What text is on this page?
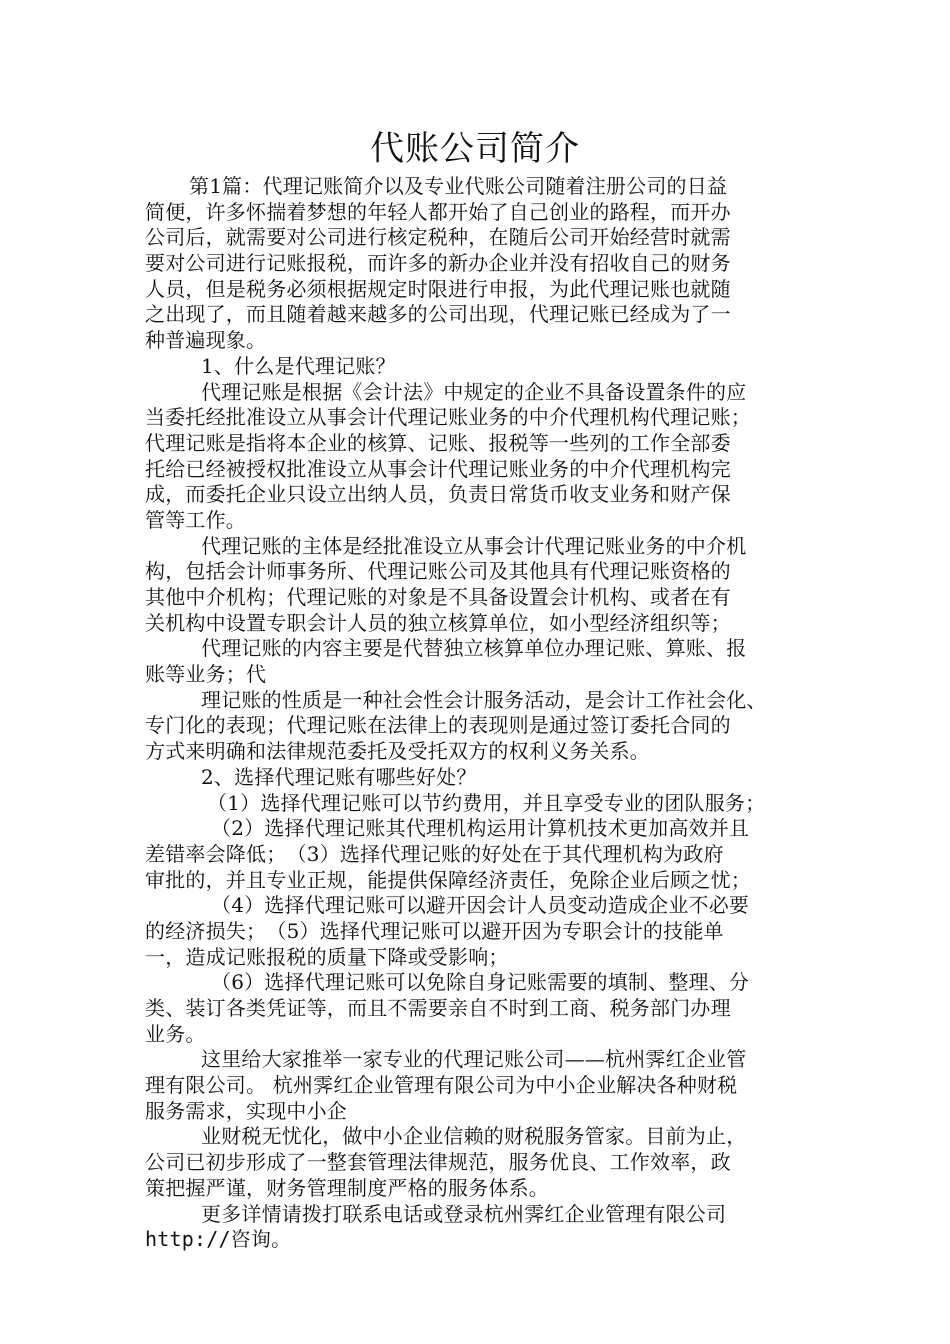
代账公司简介
第1篇：代理记账简介以及专业代账公司随着注册公司的日益
简便，许多怀揣着梦想的年轻人都开始了自己创业的路程，而开办
公司后，就需要对公司进行核定税种，在随后公司开始经营时就需
要对公司进行记账报税，而许多的新办企业并没有招收自己的财务
人员，但是税务必须根据规定时限进行申报，为此代理记账也就随
之出现了，而且随着越来越多的公司出现，代理记账已经成为了一
种普遍现象。
1、什么是代理记账？
代理记账是根据《会计法》中规定的企业不具备设置条件的应
当委托经批准设立从事会计代理记账业务的中介代理机构代理记账；
代理记账是指将本企业的核算、记账、报税等一些列的工作全部委
托给已经被授权批准设立从事会计代理记账业务的中介代理机构完
成，而委托企业只设立出纳人员，负责日常货币收支业务和财产保
管等工作。
代理记账的主体是经批准设立从事会计代理记账业务的中介机
构，包括会计师事务所、代理记账公司及其他具有代理记账资格的
其他中介机构；代理记账的对象是不具备设置会计机构、或者在有
关机构中设置专职会计人员的独立核算单位，如小型经济组织等；
代理记账的内容主要是代替独立核算单位办理记账、算账、报
账等业务；代
理记账的性质是一种社会性会计服务活动，是会计工作社会化、
专门化的表现；代理记账在法律上的表现则是通过签订委托合同的
方式来明确和法律规范委托及受托双方的权利义务关系。
2、选择代理记账有哪些好处？
（1）选择代理记账可以节约费用，并且享受专业的团队服务；
（2）选择代理记账其代理机构运用计算机技术更加高效并且
差错率会降低；　（3）选择代理记账的好处在于其代理机构为政府
审批的，并且专业正规，能提供保障经济责任，免除企业后顾之忧；
（4）选择代理记账可以避开因会计人员变动造成企业不必要
的经济损失；　（5）选择代理记账可以避开因为专职会计的技能单
一，造成记账报税的质量下降或受影响；
（6）选择代理记账可以免除自身记账需要的填制、整理、分
类、装订各类凭证等，而且不需要亲自不时到工商、税务部门办理
业务。
这里给大家推举一家专业的代理记账公司——杭州霁红企业管
理有限公司。 杭州霁红企业管理有限公司为中小企业解决各种财税
服务需求，实现中小企
业财税无忧化，做中小企业信赖的财税服务管家。目前为止，
公司已初步形成了一整套管理法律规范，服务优良、工作效率，政
策把握严谨，财务管理制度严格的服务体系。
更多详情请拨打联系电话或登录杭州霁红企业管理有限公司
http://咨询。
